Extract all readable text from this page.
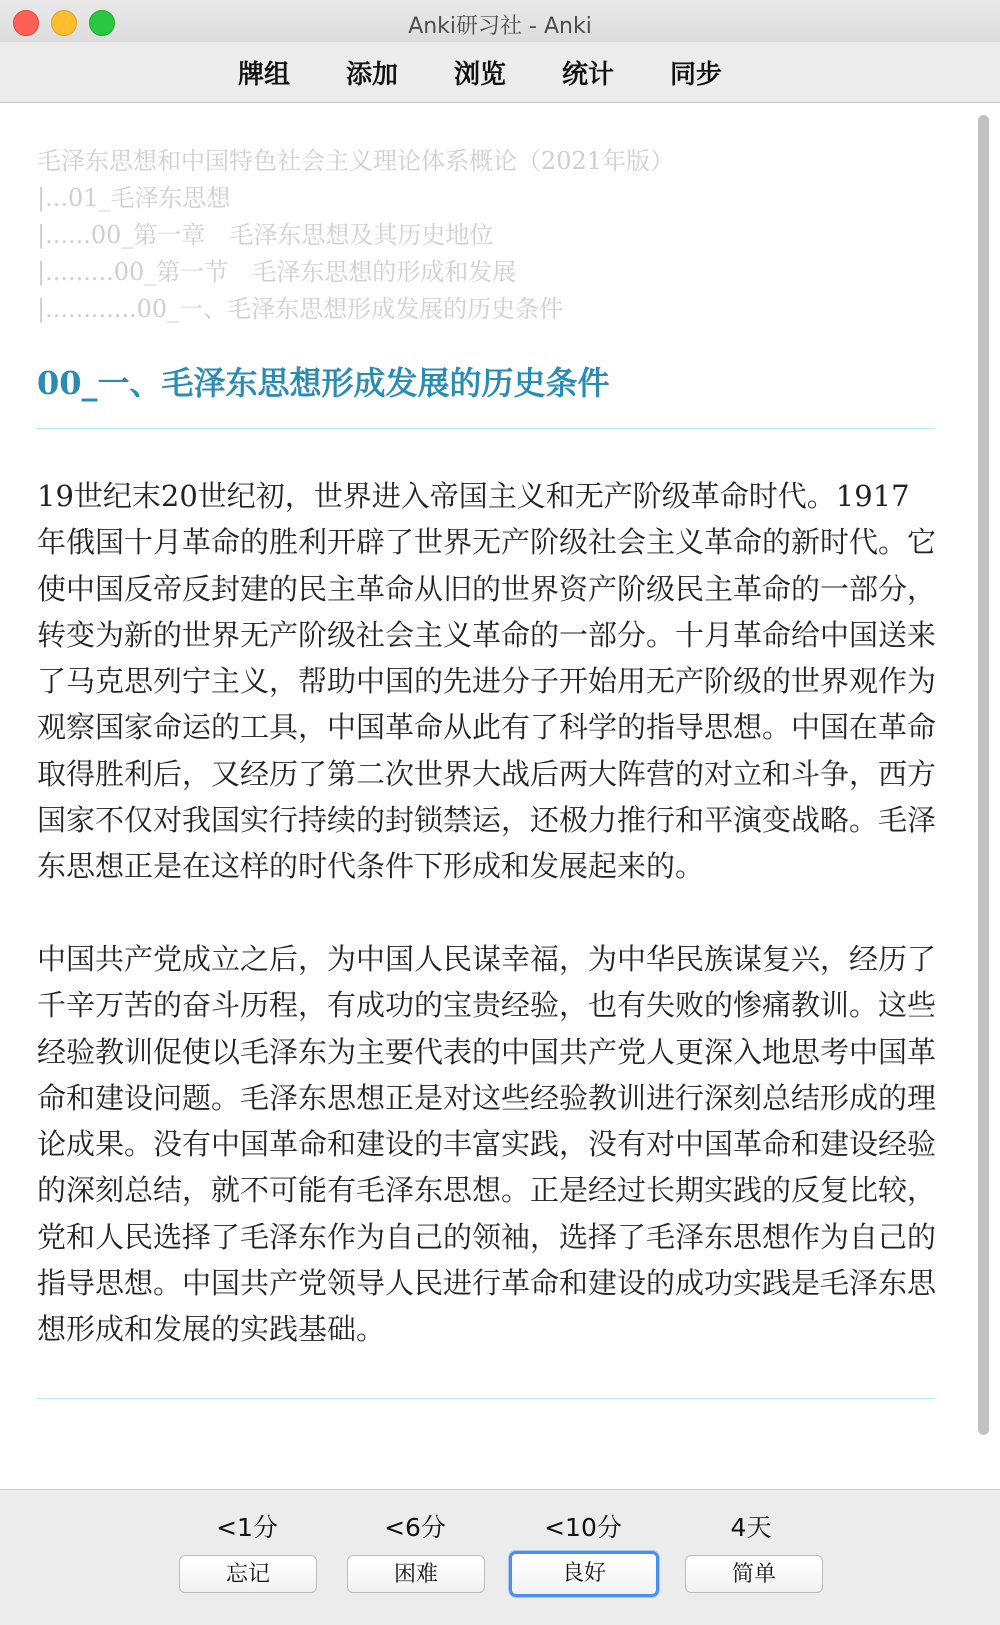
Anki研习社 - Anki
牌组 添加 浏览 统计 同步
毛泽东思想和中国特色社会主义理论体系概论（2021年版）
|...01_毛泽东思想
|......00_第一章　毛泽东思想及其历史地位
|.........00_第一节　毛泽东思想的形成和发展
|............00_一、毛泽东思想形成发展的历史条件
00_一、毛泽东思想形成发展的历史条件

19世纪末20世纪初，世界进入帝国主义和无产阶级革命时代。1917年俄国十月革命的胜利开辟了世界无产阶级社会主义革命的新时代。它使中国反帝反封建的民主革命从旧的世界资产阶级民主革命的一部分，转变为新的世界无产阶级社会主义革命的一部分。十月革命给中国送来了马克思列宁主义，帮助中国的先进分子开始用无产阶级的世界观作为观察国家命运的工具，中国革命从此有了科学的指导思想。中国在革命取得胜利后，又经历了第二次世界大战后两大阵营的对立和斗争，西方国家不仅对我国实行持续的封锁禁运，还极力推行和平演变战略。毛泽东思想正是在这样的时代条件下形成和发展起来的。

中国共产党成立之后，为中国人民谋幸福，为中华民族谋复兴，经历了千辛万苦的奋斗历程，有成功的宝贵经验，也有失败的惨痛教训。这些经验教训促使以毛泽东为主要代表的中国共产党人更深入地思考中国革命和建设问题。毛泽东思想正是对这些经验教训进行深刻总结形成的理论成果。没有中国革命和建设的丰富实践，没有对中国革命和建设经验的深刻总结，就不可能有毛泽东思想。正是经过长期实践的反复比较，党和人民选择了毛泽东作为自己的领袖，选择了毛泽东思想作为自己的指导思想。中国共产党领导人民进行革命和建设的成功实践是毛泽东思想形成和发展的实践基础。

<1分	<6分	<10分	4天
忘记	困难	良好	简单
